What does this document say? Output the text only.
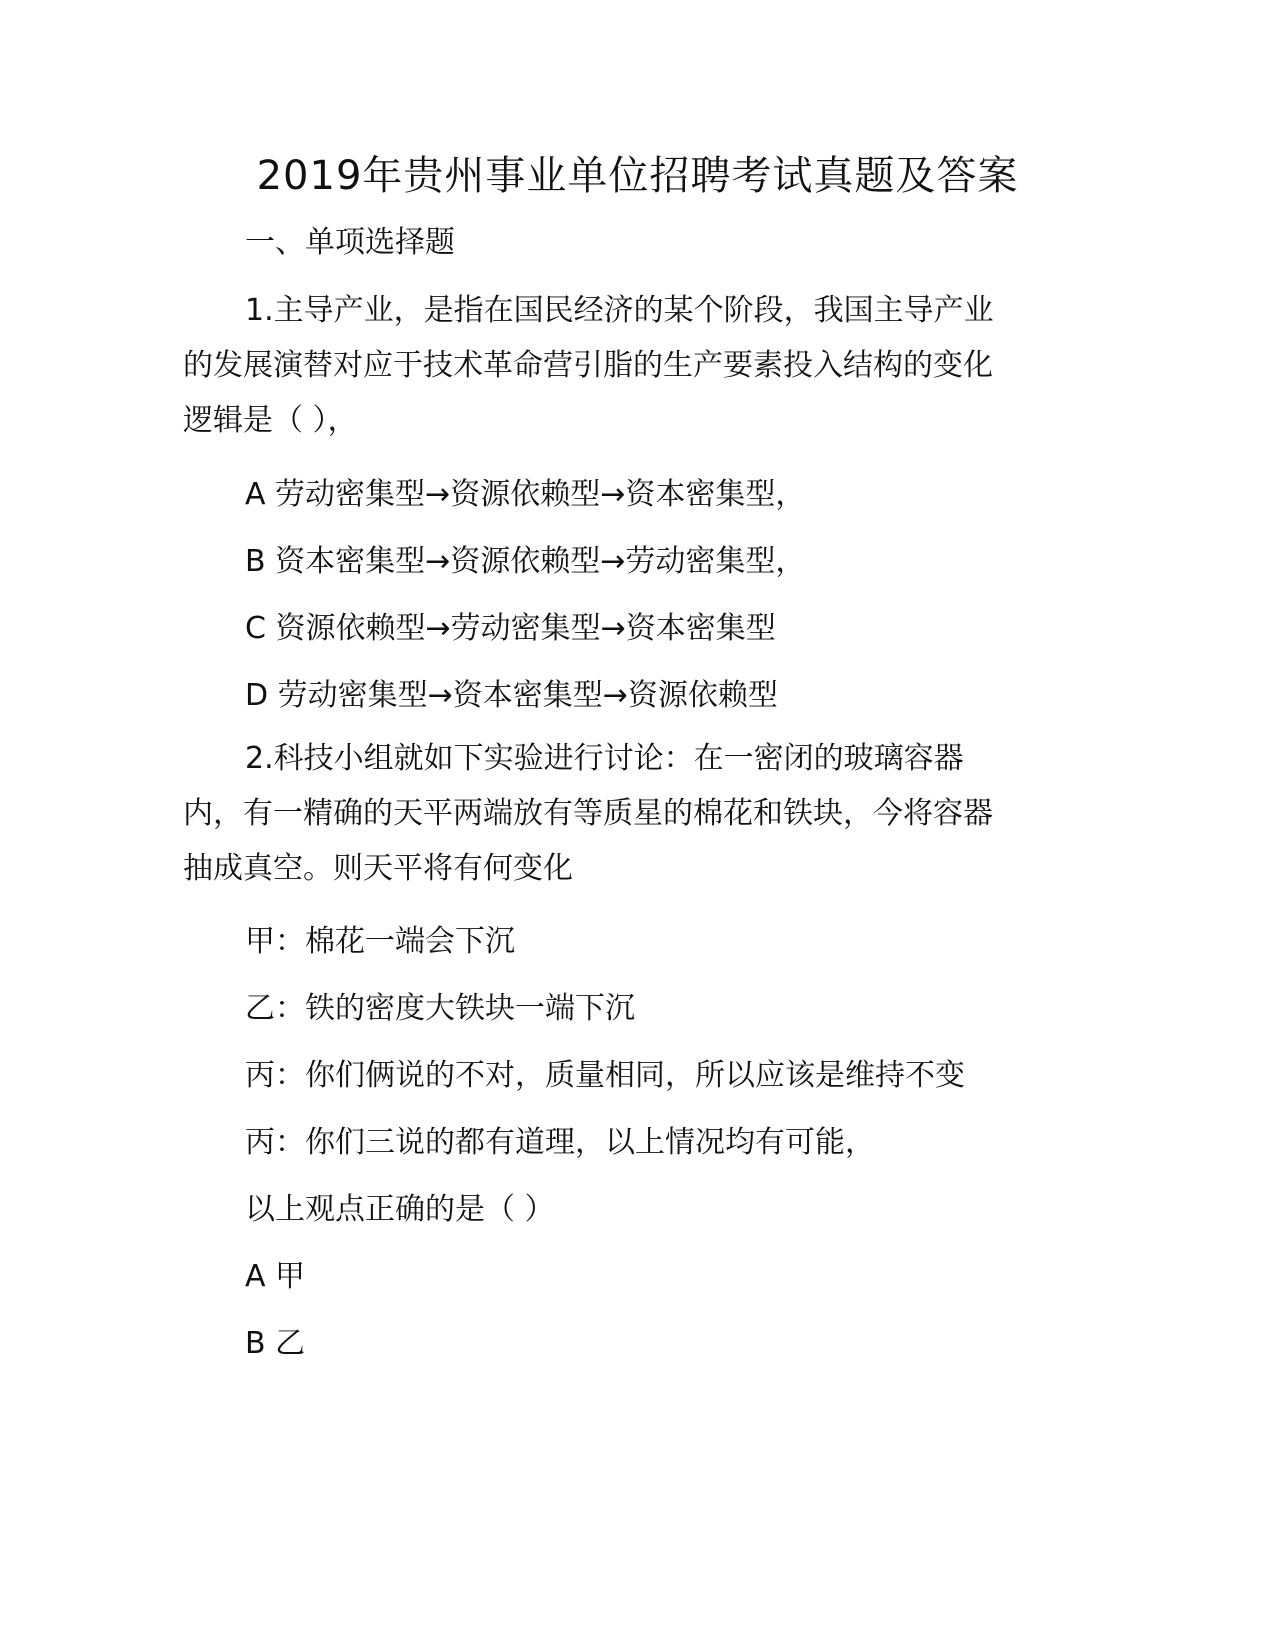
2019年贵州事业单位招聘考试真题及答案
一、单项选择题
1.主导产业，是指在国民经济的某个阶段，我国主导产业
的发展演替对应于技术革命营引脂的生产要素投入结构的变化
逻辑是（ ），
A 劳动密集型→资源依赖型→资本密集型，
B 资本密集型→资源依赖型→劳动密集型，
C 资源依赖型→劳动密集型→资本密集型
D 劳动密集型→资本密集型→资源依赖型
2.科技小组就如下实验进行讨论：在一密闭的玻璃容器
内，有一精确的天平两端放有等质星的棉花和铁块，今将容器
抽成真空。则天平将有何变化
甲：棉花一端会下沉
乙：铁的密度大铁块一端下沉
丙：你们俩说的不对，质量相同，所以应该是维持不变
丙：你们三说的都有道理，以上情况均有可能，
以上观点正确的是（ ）
A 甲
B 乙
